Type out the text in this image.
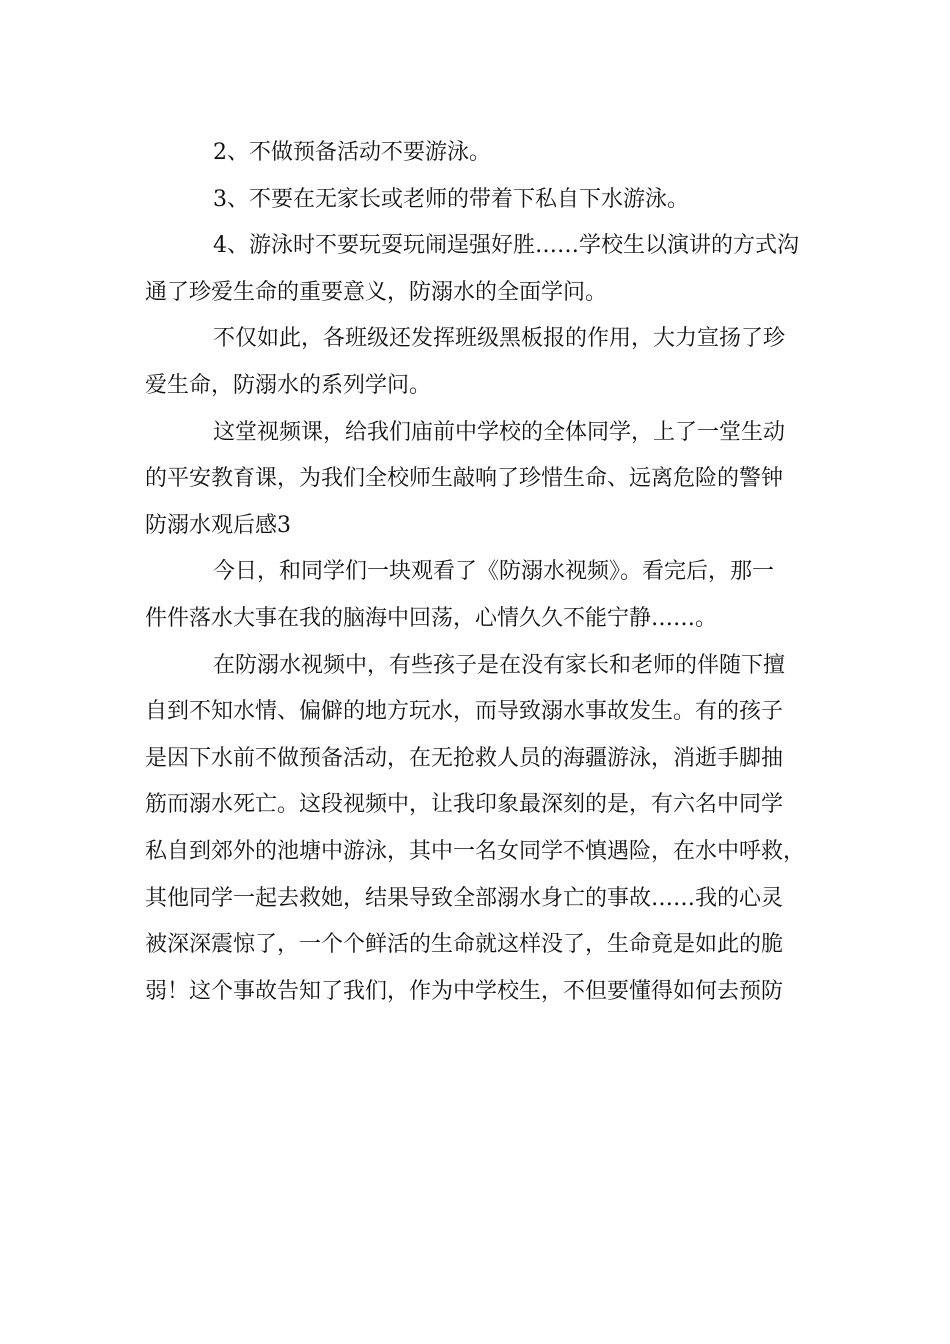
2、不做预备活动不要游泳。
3、不要在无家长或老师的带着下私自下水游泳。
4、游泳时不要玩耍玩闹逞强好胜……学校生以演讲的方式沟
通了珍爱生命的重要意义，防溺水的全面学问。
不仅如此，各班级还发挥班级黑板报的作用，大力宣扬了珍
爱生命，防溺水的系列学问。
这堂视频课，给我们庙前中学校的全体同学，上了一堂生动
的平安教育课，为我们全校师生敲响了珍惜生命、远离危险的警钟
防溺水观后感3
今日，和同学们一块观看了《防溺水视频》。看完后，那一
件件落水大事在我的脑海中回荡，心情久久不能宁静……。
在防溺水视频中，有些孩子是在没有家长和老师的伴随下擅
自到不知水情、偏僻的地方玩水，而导致溺水事故发生。有的孩子
是因下水前不做预备活动，在无抢救人员的海疆游泳，消逝手脚抽
筋而溺水死亡。这段视频中，让我印象最深刻的是，有六名中同学
私自到郊外的池塘中游泳，其中一名女同学不慎遇险，在水中呼救，
其他同学一起去救她，结果导致全部溺水身亡的事故……我的心灵
被深深震惊了，一个个鲜活的生命就这样没了，生命竟是如此的脆
弱！这个事故告知了我们，作为中学校生，不但要懂得如何去预防
